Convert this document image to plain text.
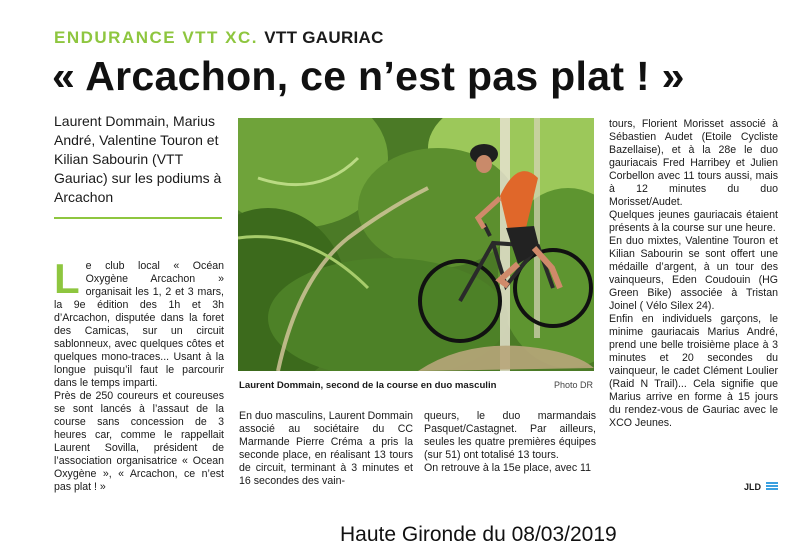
ENDURANCE VTT XC. VTT GAURIAC
« Arcachon, ce n’est pas plat ! »
Laurent Dommain, Marius André, Valentine Touron et Kilian Sabourin (VTT Gauriac) sur les podiums à Arcachon
L e club local « Océan Oxygène Arcachon » organisait les 1, 2 et 3 mars, la 9e édition des 1h et 3h d’Arcachon, disputée dans la foret des Camicas, sur un circuit sablonneux, avec quelques côtes et quelques mono-traces... Usant à la longue puisqu’il faut le parcourir dans le temps imparti.

Près de 250 coureurs et coureuses se sont lancés à l’assaut de la course sans concession de 3 heures car, comme le rappellait Laurent Sovilla, président de l’association organisatrice « Ocean Oxygène », « Arcachon, ce n’est pas plat ! »

Laurent Dommain, second de la course en duo masculin	Photo DR

En duo masculins, Laurent Dommain associé au sociétaire du CC Marmande Pierre Créma a pris la seconde place, en réalisant 13 tours de circuit, terminant à 3 minutes et 16 secondes des vain-

queurs, le duo marmandais Pasquet/Castagnet. Par ailleurs, seules les quatre premières équipes (sur 51) ont totalisé 13 tours.

On retrouve à la 15e place, avec 11

tours, Florient Morisset associé à Sébastien Audet (Etoile Cycliste Bazellaise), et à la 28e le duo gauriacais Fred Harribey et Julien Corbellon avec 11 tours aussi, mais à 12 minutes du duo Morisset/Audet.

Quelques jeunes gauriacais étaient présents à la course sur une heure.

En duo mixtes, Valentine Touron et Kilian Sabourin se sont offert une médaille d’argent, à un tour des vainqueurs, Eden Coudouin (HG Green Bike) associée à Tristan Joinel ( Vélo Silex 24).

Enfin en individuels garçons, le minime gauriacais Marius André, prend une belle troisième place à 3 minutes et 20 secondes du vainqueur, le cadet Clément Loulier (Raid N Trail)... Cela signifie que Marius arrive en forme à 15 jours du rendez-vous de Gauriac avec le XCO Jeunes.

JLD
Haute Gironde du 08/03/2019
